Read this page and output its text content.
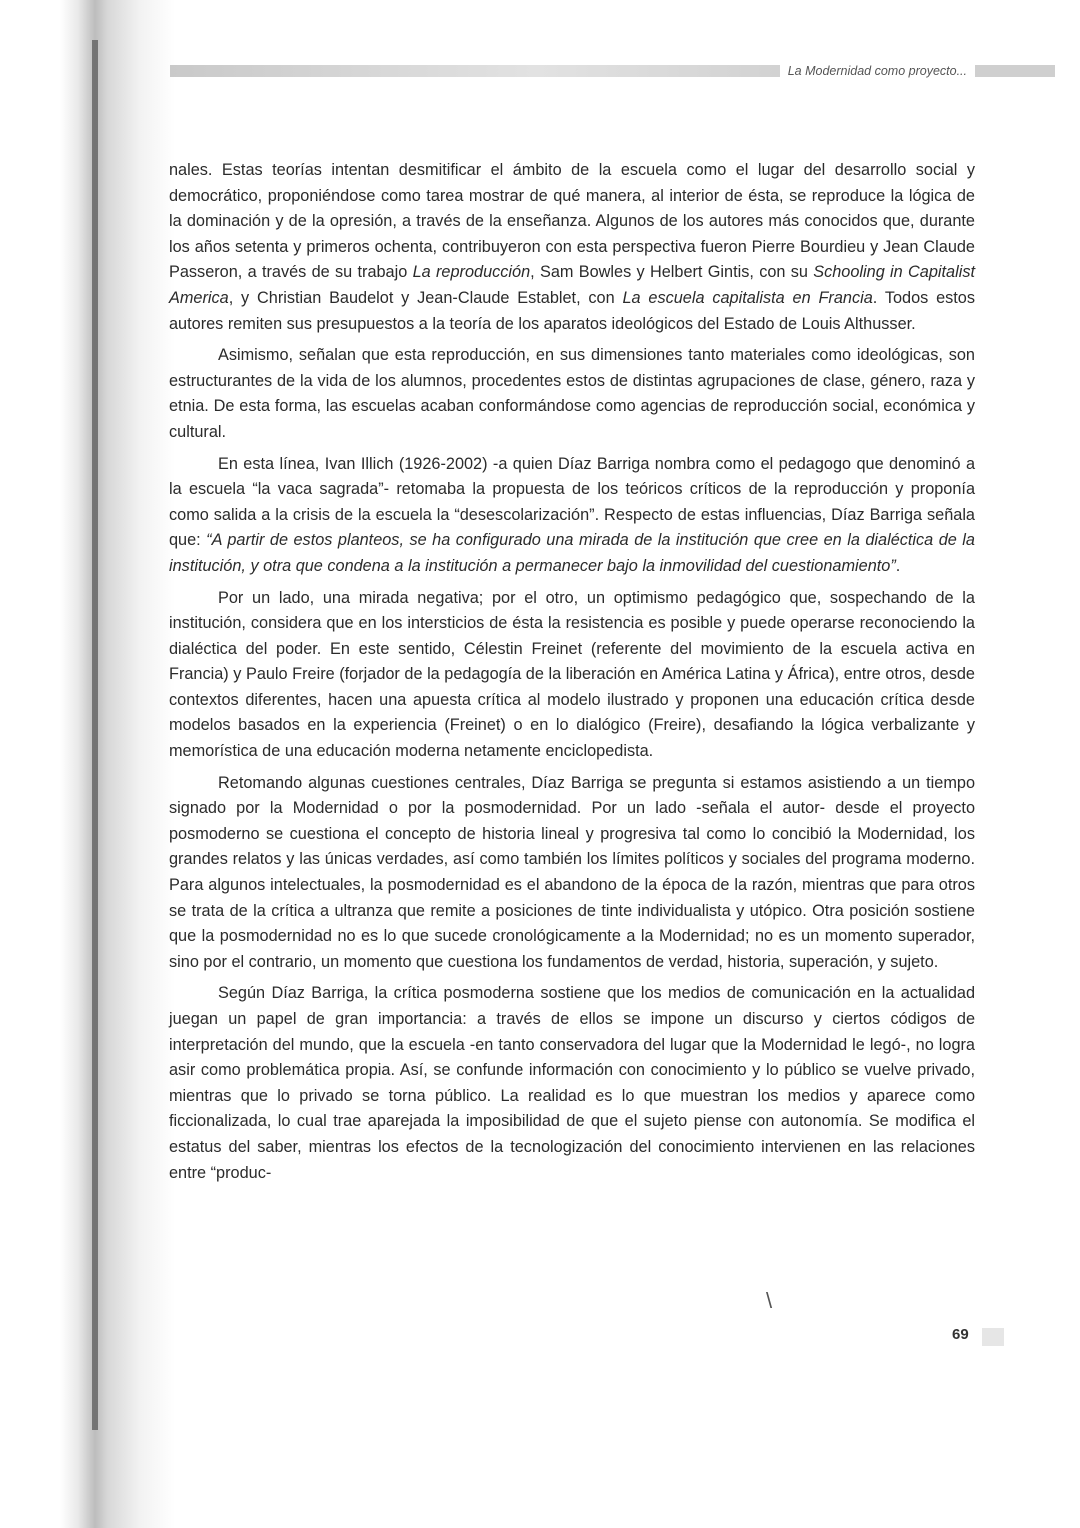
La Modernidad como proyecto...

nales. Estas teorías intentan desmitificar el ámbito de la escuela como el lugar del desarrollo social y democrático, proponiéndose como tarea mostrar de qué manera, al interior de ésta, se reproduce la lógica de la dominación y de la opresión, a través de la enseñanza. Algunos de los autores más conocidos que, durante los años setenta y primeros ochenta, contribuyeron con esta perspectiva fueron Pierre Bourdieu y Jean Claude Passeron, a través de su trabajo La reproducción, Sam Bowles y Helbert Gintis, con su Schooling in Capitalist America, y Christian Baudelot y Jean-Claude Establet, con La escuela capitalista en Francia. Todos estos autores remiten sus presupuestos a la teoría de los aparatos ideológicos del Estado de Louis Althusser.

Asimismo, señalan que esta reproducción, en sus dimensiones tanto materiales como ideológicas, son estructurantes de la vida de los alumnos, procedentes estos de distintas agrupaciones de clase, género, raza y etnia. De esta forma, las escuelas acaban conformándose como agencias de reproducción social, económica y cultural.

En esta línea, Ivan Illich (1926-2002) -a quien Díaz Barriga nombra como el pedagogo que denominó a la escuela “la vaca sagrada”- retomaba la propuesta de los teóricos críticos de la reproducción y proponía como salida a la crisis de la escuela la “desescolarización”. Respecto de estas influencias, Díaz Barriga señala que: “A partir de estos planteos, se ha configurado una mirada de la institución que cree en la dialéctica de la institución, y otra que condena a la institución a permanecer bajo la inmovilidad del cuestionamiento”.

Por un lado, una mirada negativa; por el otro, un optimismo pedagógico que, sospechando de la institución, considera que en los intersticios de ésta la resistencia es posible y puede operarse reconociendo la dialéctica del poder. En este sentido, Célestin Freinet (referente del movimiento de la escuela activa en Francia) y Paulo Freire (forjador de la pedagogía de la liberación en América Latina y África), entre otros, desde contextos diferentes, hacen una apuesta crítica al modelo ilustrado y proponen una educación crítica desde modelos basados en la experiencia (Freinet) o en lo dialógico (Freire), desafiando la lógica verbalizante y memorística de una educación moderna netamente enciclopedista.

Retomando algunas cuestiones centrales, Díaz Barriga se pregunta si estamos asistiendo a un tiempo signado por la Modernidad o por la posmodernidad. Por un lado -señala el autor- desde el proyecto posmoderno se cuestiona el concepto de historia lineal y progresiva tal como lo concibió la Modernidad, los grandes relatos y las únicas verdades, así como también los límites políticos y sociales del programa moderno. Para algunos intelectuales, la posmodernidad es el abandono de la época de la razón, mientras que para otros se trata de la crítica a ultranza que remite a posiciones de tinte individualista y utópico. Otra posición sostiene que la posmodernidad no es lo que sucede cronológicamente a la Modernidad; no es un momento superador, sino por el contrario, un momento que cuestiona los fundamentos de verdad, historia, superación, y sujeto.

Según Díaz Barriga, la crítica posmoderna sostiene que los medios de comunicación en la actualidad juegan un papel de gran importancia: a través de ellos se impone un discurso y ciertos códigos de interpretación del mundo, que la escuela -en tanto conservadora del lugar que la Modernidad le legó-, no logra asir como problemática propia. Así, se confunde información con conocimiento y lo público se vuelve privado, mientras que lo privado se torna público. La realidad es lo que muestran los medios y aparece como ficcionalizada, lo cual trae aparejada la imposibilidad de que el sujeto piense con autonomía. Se modifica el estatus del saber, mientras los efectos de la tecnologización del conocimiento intervienen en las relaciones entre “produc-

\
69
